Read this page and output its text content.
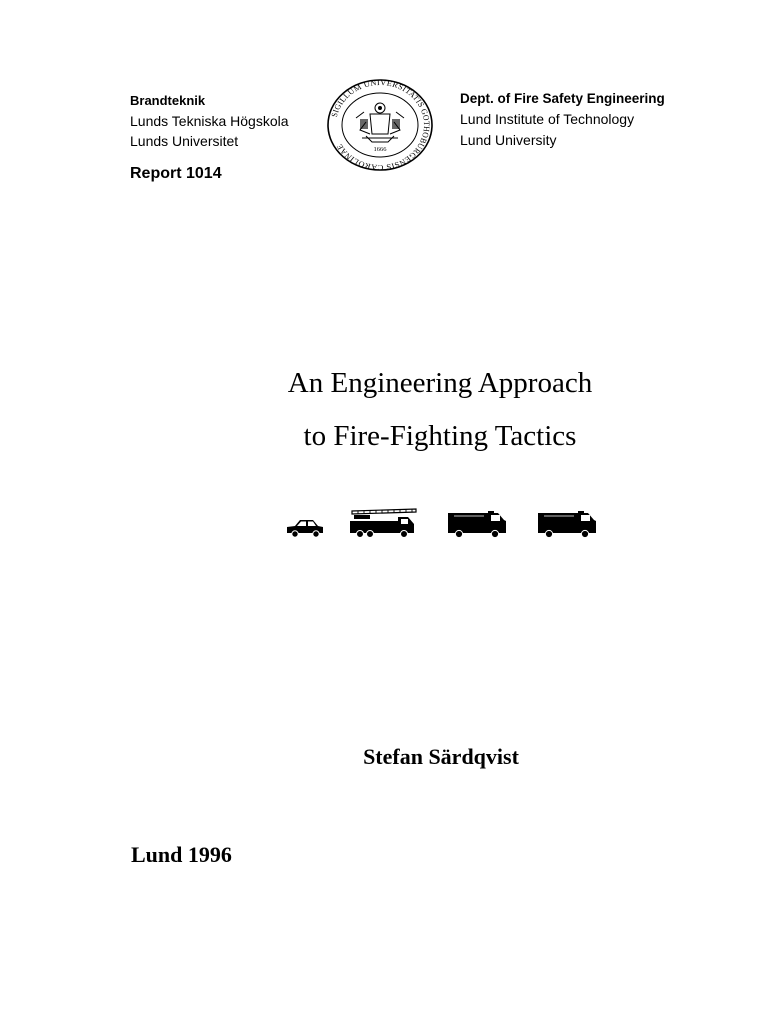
Brandteknik
Lunds Tekniska Högskola
Lunds Universitet
SIGILLUM UNIVERSITATIS GOTHOBURGENSIS CAROLINAE	1666
Dept. of Fire Safety Engineering
Lund Institute of Technology
Lund University
Report 1014
An Engineering Approach
to Fire-Fighting Tactics
Stefan Särdqvist
Lund 1996
